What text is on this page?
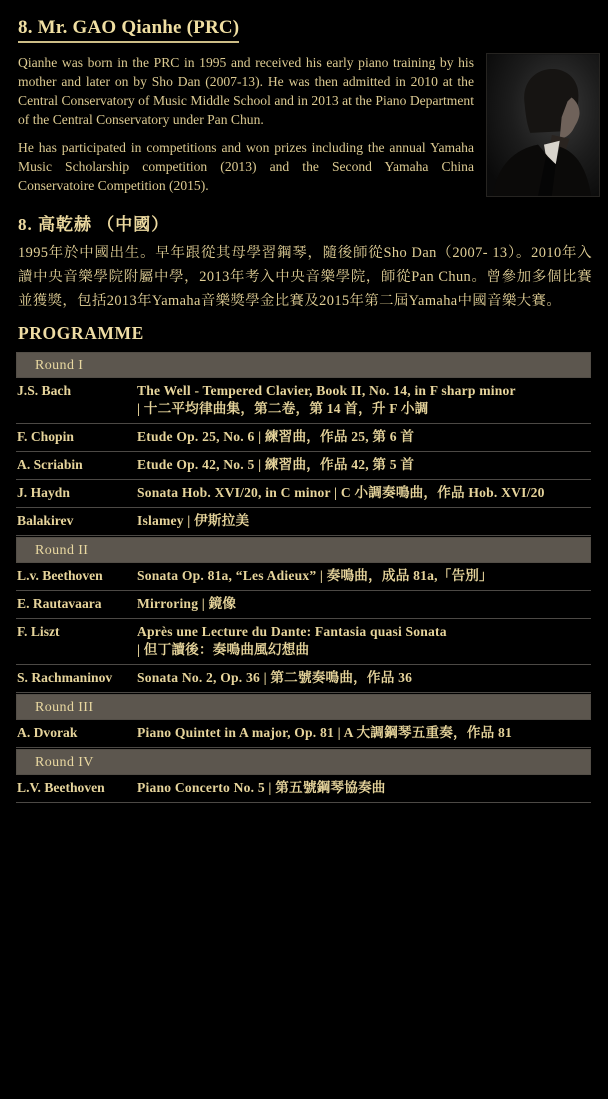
8. Mr. GAO Qianhe (PRC)

Qianhe was born in the PRC in 1995 and received his early piano training by his mother and later on by Sho Dan (2007-13). He was then admitted in 2010 at the Central Conservatory of Music Middle School and in 2013 at the Piano Department of the Central Conservatory under Pan Chun.

He has participated in competitions and won prizes including the annual Yamaha Music Scholarship competition (2013) and the Second Yamaha China Conservatoire Competition (2015).

8. 高乾赫 （中國）

1995年於中國出生。早年跟從其母學習鋼琴，隨後師從Sho Dan（2007- 13）。2010年入讀中央音樂學院附屬中學，2013年考入中央音樂學院，師從Pan Chun。曾參加多個比賽並獲獎，包括2013年Yamaha音樂獎學金比賽及2015年第二屆Yamaha中國音樂大賽。

PROGRAMME
Round I
J.S. Bach	The Well - Tempered Clavier, Book II, No. 14, in F sharp minor
| 十二平均律曲集，第二卷，第 14 首，升 F 小調
F. Chopin	Etude Op. 25, No. 6 | 練習曲，作品 25, 第 6 首
A. Scriabin	Etude Op. 42, No. 5 | 練習曲，作品 42, 第 5 首
J. Haydn	Sonata Hob. XVI/20, in C minor | C 小調奏鳴曲，作品 Hob. XVI/20
Balakirev	Islamey | 伊斯拉美
Round II
L.v. Beethoven	Sonata Op. 81a, “Les Adieux” | 奏鳴曲，成品 81a,「告別」
E. Rautavaara	Mirroring | 鏡像
F. Liszt	Après une Lecture du Dante: Fantasia quasi Sonata
| 但丁讀後：奏鳴曲風幻想曲
S. Rachmaninov	Sonata No. 2, Op. 36 | 第二號奏鳴曲，作品 36
Round III
A. Dvorak	Piano Quintet in A major, Op. 81 | A 大調鋼琴五重奏，作品 81
Round IV
L.V. Beethoven	Piano Concerto No. 5 | 第五號鋼琴協奏曲
